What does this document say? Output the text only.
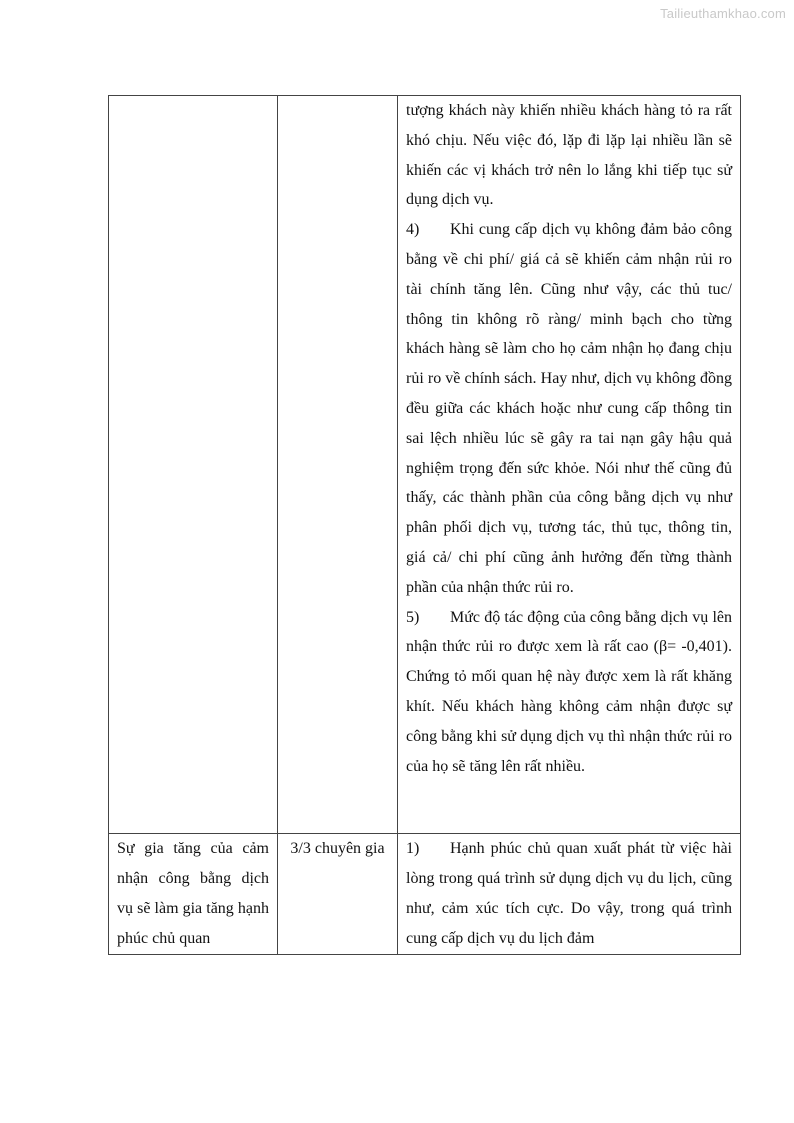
Tailieuthamkhao.com

		tượng khách này khiến nhiều khách hàng tỏ ra rất khó chịu. Nếu việc đó, lặp đi lặp lại nhiều lần sẽ khiến các vị khách trở nên lo lắng khi tiếp tục sử dụng dịch vụ.

4) Khi cung cấp dịch vụ không đảm bảo công bằng về chi phí/ giá cả sẽ khiến cảm nhận rủi ro tài chính tăng lên. Cũng như vậy, các thủ tuc/ thông tin không rõ ràng/ minh bạch cho từng khách hàng sẽ làm cho họ cảm nhận họ đang chịu rủi ro về chính sách. Hay như, dịch vụ không đồng đều giữa các khách hoặc như cung cấp thông tin sai lệch nhiều lúc sẽ gây ra tai nạn gây hậu quả nghiệm trọng đến sức khỏe. Nói như thế cũng đủ thấy, các thành phần của công bằng dịch vụ như phân phối dịch vụ, tương tác, thủ tục, thông tin, giá cả/ chi phí cũng ảnh hưởng đến từng thành phần của nhận thức rủi ro.

5) Mức độ tác động của công bằng dịch vụ lên nhận thức rủi ro được xem là rất cao (β= -0,401). Chứng tỏ mối quan hệ này được xem là rất khăng khít. Nếu khách hàng không cảm nhận được sự công bằng khi sử dụng dịch vụ thì nhận thức rủi ro của họ sẽ tăng lên rất nhiều.

Sự gia tăng của cảm nhận công bằng dịch vụ sẽ làm gia tăng hạnh phúc chủ quan	3/3 chuyên gia	1) Hạnh phúc chủ quan xuất phát từ việc hài lòng trong quá trình sử dụng dịch vụ du lịch, cũng như, cảm xúc tích cực. Do vậy, trong quá trình cung cấp dịch vụ du lịch đảm
